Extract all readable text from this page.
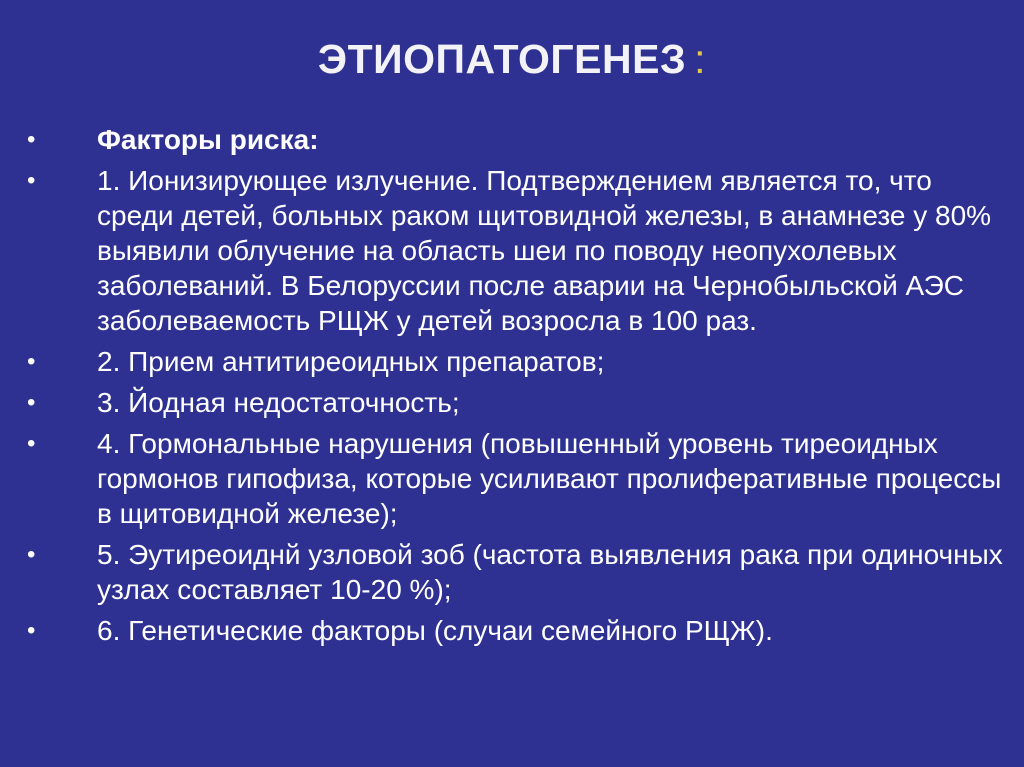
ЭТИОПАТОГЕНЕЗ :
• Факторы риска:
• 1. Ионизирующее излучение. Подтверждением является то, что среди детей, больных раком щитовидной железы, в анамнезе у 80% выявили облучение на область шеи по поводу неопухолевых заболеваний. В Белоруссии после аварии на Чернобыльской АЭС заболеваемость РЩЖ у детей возросла в 100 раз.
• 2. Прием антитиреоидных препаратов;
• 3. Йодная недостаточность;
• 4. Гормональные нарушения (повышенный уровень тиреоидных гормонов гипофиза, которые усиливают пролиферативные процессы в щитовидной железе);
• 5. Эутиреоиднй узловой зоб (частота выявления рака при одиночных узлах составляет 10-20 %);
• 6. Генетические факторы (случаи семейного РЩЖ).
